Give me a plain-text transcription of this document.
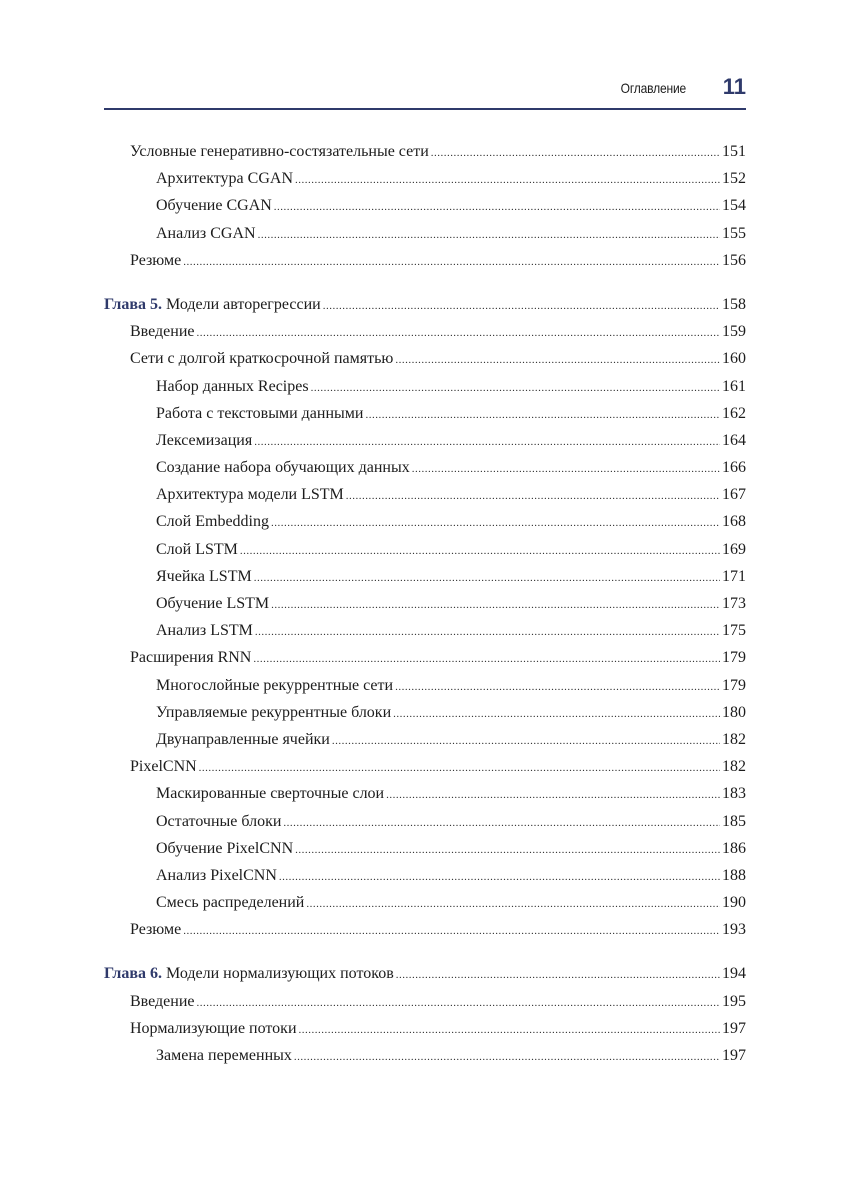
Оглавление 11
Условные генеративно-состязательные сети .....	151
Архитектура CGAN .....	152
Обучение CGAN .....	154
Анализ CGAN .....	155
Резюме .....	156
Глава 5. Модели авторегрессии .....	158
Введение .....	159
Сети с долгой краткосрочной памятью .....	160
Набор данных Recipes .....	161
Работа с текстовыми данными .....	162
Лексемизация .....	164
Создание набора обучающих данных .....	166
Архитектура модели LSTM .....	167
Слой Embedding .....	168
Слой LSTM .....	169
Ячейка LSTM .....	171
Обучение LSTM .....	173
Анализ LSTM .....	175
Расширения RNN .....	179
Многослойные рекуррентные сети .....	179
Управляемые рекуррентные блоки .....	180
Двунаправленные ячейки .....	182
PixelCNN .....	182
Маскированные сверточные слои .....	183
Остаточные блоки .....	185
Обучение PixelCNN .....	186
Анализ PixelCNN .....	188
Смесь распределений .....	190
Резюме .....	193
Глава 6. Модели нормализующих потоков .....	194
Введение .....	195
Нормализующие потоки .....	197
Замена переменных .....	197
